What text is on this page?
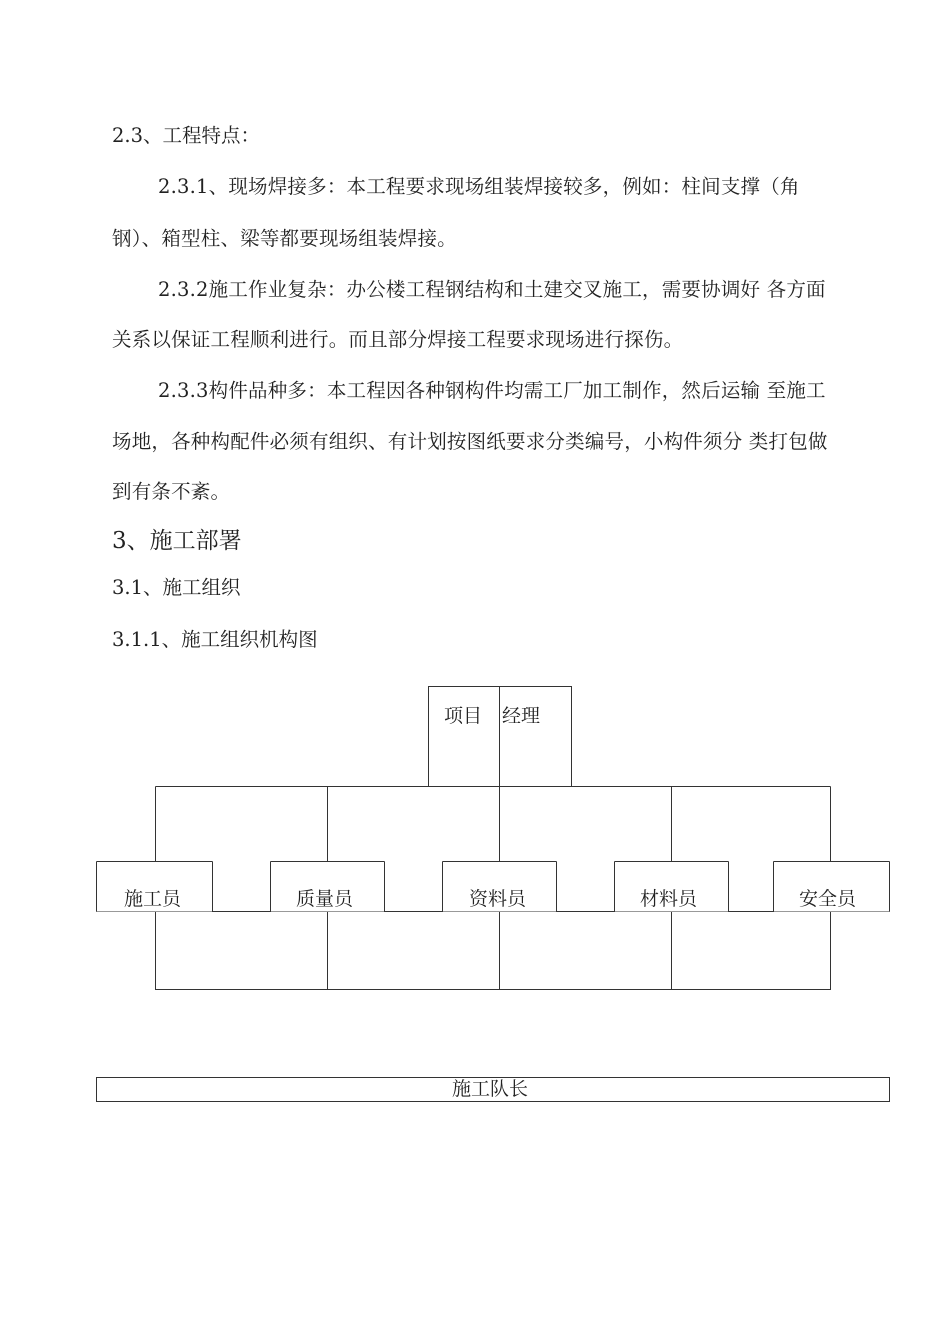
2.3、工程特点：
2.3.1、现场焊接多：本工程要求现场组装焊接较多，例如：柱间支撑（角
钢）、箱型柱、梁等都要现场组装焊接。
2.3.2施工作业复杂：办公楼工程钢结构和土建交叉施工，需要协调好 各方面
关系以保证工程顺利进行。而且部分焊接工程要求现场进行探伤。
2.3.3构件品种多：本工程因各种钢构件均需工厂加工制作，然后运输 至施工
场地，各种构配件必须有组织、有计划按图纸要求分类编号，小构件须分 类打包做
到有条不紊。
3、施工部署
3.1、施工组织
3.1.1、施工组织机构图
项目 经理
施工员	质量员	资料员	材料员	安全员
施工队长
